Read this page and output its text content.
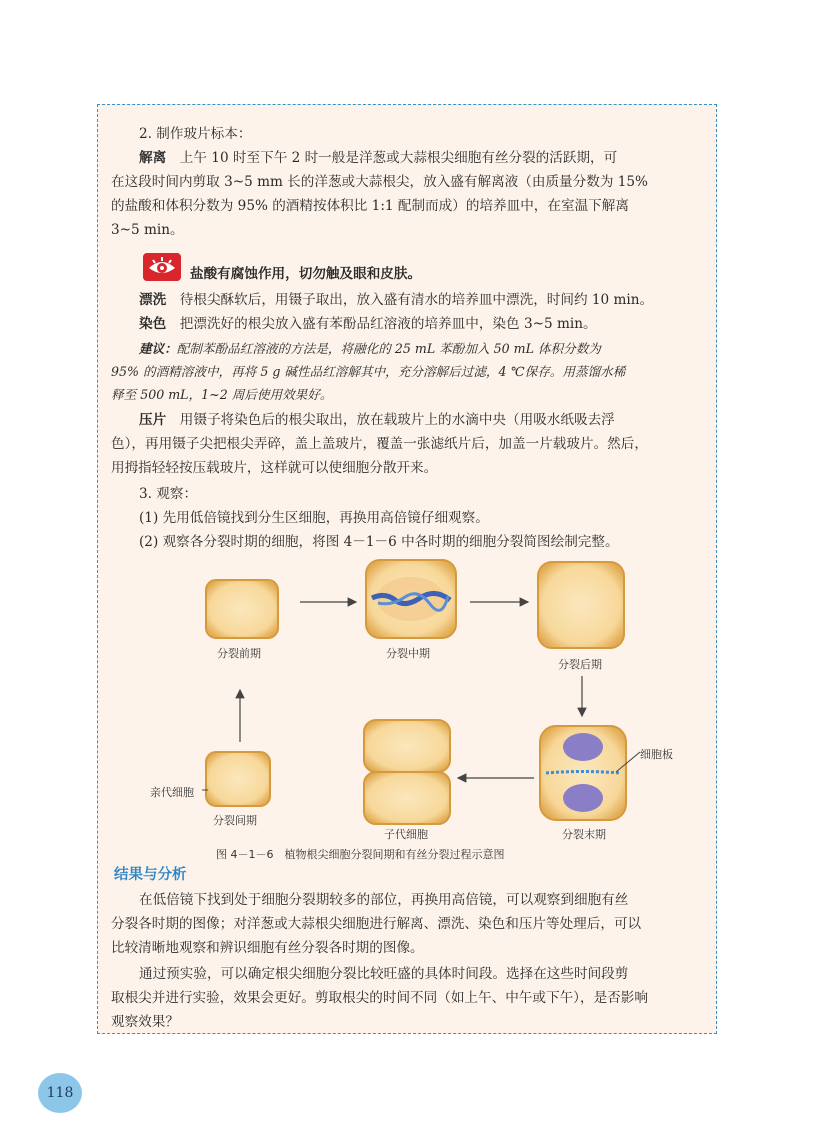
2. 制作玻片标本：
解离　 上午 10 时至下午 2 时一般是洋葱或大蒜根尖细胞有丝分裂的活跃期，可
在这段时间内剪取 3~5 mm 长的洋葱或大蒜根尖，放入盛有解离液（由质量分数为 15%
的盐酸和体积分数为 95% 的酒精按体积比 1:1 配制而成）的培养皿中，在室温下解离
3~5 min。
盐酸有腐蚀作用，切勿触及眼和皮肤。
漂洗　 待根尖酥软后，用镊子取出，放入盛有清水的培养皿中漂洗，时间约 10 min。
染色　 把漂洗好的根尖放入盛有苯酚品红溶液的培养皿中，染色 3~5 min。
建议：配制苯酚品红溶液的方法是，将融化的 25 mL 苯酚加入 50 mL 体积分数为
95% 的酒精溶液中，再将 5 g 碱性品红溶解其中，充分溶解后过滤，4 ℃保存。用蒸馏水稀
释至 500 mL，1~2 周后使用效果好。
压片　 用镊子将染色后的根尖取出，放在载玻片上的水滴中央（用吸水纸吸去浮
色），再用镊子尖把根尖弄碎，盖上盖玻片，覆盖一张滤纸片后，加盖一片载玻片。然后，
用拇指轻轻按压载玻片，这样就可以使细胞分散开来。
3. 观察：
(1) 先用低倍镜找到分生区细胞，再换用高倍镜仔细观察。
(2) 观察各分裂时期的细胞，将图 4－1－6 中各时期的细胞分裂简图绘制完整。
分裂前期	分裂中期
分裂后期
细胞板
亲代细胞
分裂间期
子代细胞	分裂末期
图 4－1－6　植物根尖细胞分裂间期和有丝分裂过程示意图
结果与分析
在低倍镜下找到处于细胞分裂期较多的部位，再换用高倍镜，可以观察到细胞有丝
分裂各时期的图像；对洋葱或大蒜根尖细胞进行解离、漂洗、染色和压片等处理后，可以
比较清晰地观察和辨识细胞有丝分裂各时期的图像。
通过预实验，可以确定根尖细胞分裂比较旺盛的具体时间段。选择在这些时间段剪
取根尖并进行实验，效果会更好。剪取根尖的时间不同（如上午、中午或下午），是否影响
观察效果？
118
